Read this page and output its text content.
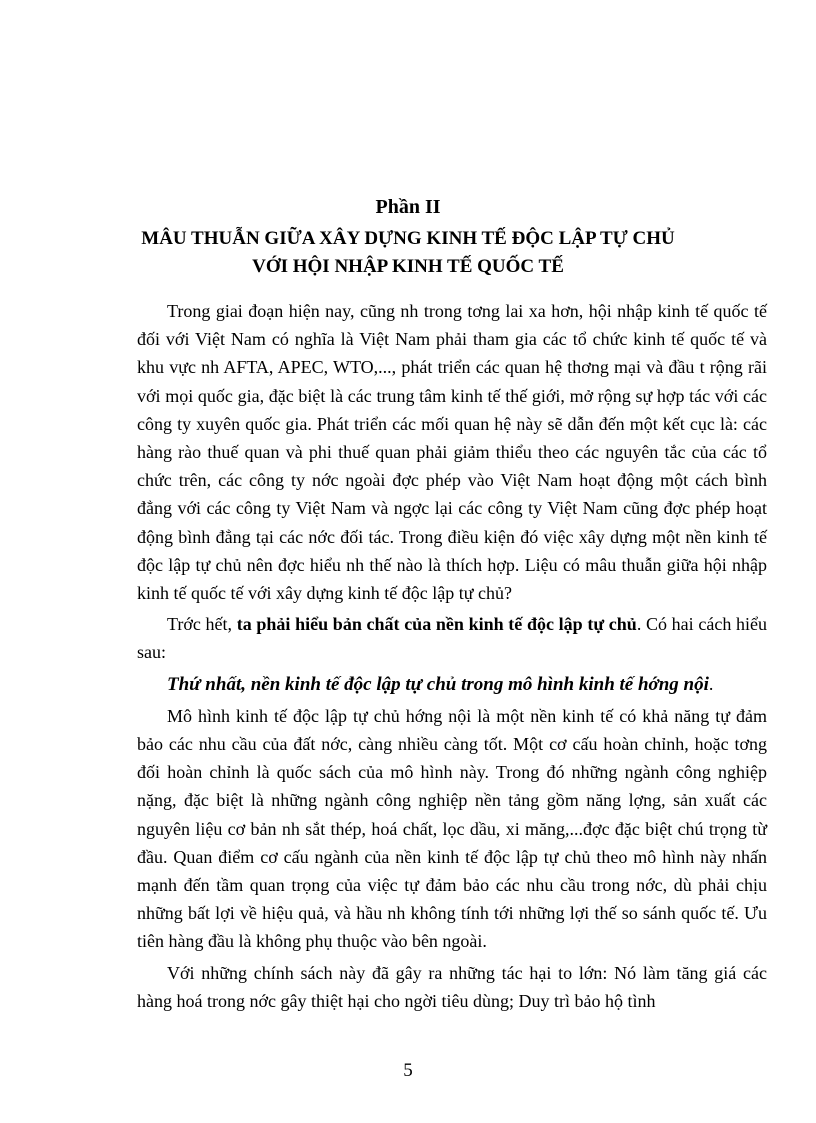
Phần II
MÂU THUẪN GIỮA XÂY DỰNG KINH TẾ ĐỘC LẬP TỰ CHỦ
VỚI HỘI NHẬP KINH TẾ QUỐC TẾ

Trong giai đoạn hiện nay, cũng nh trong tơng lai xa hơn, hội nhập kinh tế quốc tế đối với Việt Nam có nghĩa là Việt Nam phải tham gia các tổ chức kinh tế quốc tế và khu vực nh AFTA, APEC, WTO,..., phát triển các quan hệ thơng mại và đầu t rộng rãi với mọi quốc gia, đặc biệt là các trung tâm kinh tế thế giới, mở rộng sự hợp tác với các công ty xuyên quốc gia. Phát triển các mối quan hệ này sẽ dẫn đến một kết cục là: các hàng rào thuế quan và phi thuế quan phải giảm thiểu theo các nguyên tắc của các tổ chức trên, các công ty nớc ngoài đợc phép vào Việt Nam hoạt động một cách bình đẳng với các công ty Việt Nam và ngợc lại các công ty Việt Nam cũng đợc phép hoạt động bình đẳng tại các nớc đối tác. Trong điều kiện đó việc xây dựng một nền kinh tế độc lập tự chủ nên đợc hiểu nh thế nào là thích hợp. Liệu có mâu thuẫn giữa hội nhập kinh tế quốc tế với xây dựng kinh tế độc lập tự chủ?

Trớc hết, ta phải hiểu bản chất của nền kinh tế độc lập tự chủ. Có hai cách hiểu sau:

Thứ nhất, nền kinh tế độc lập tự chủ trong mô hình kinh tế hớng nội.

Mô hình kinh tế độc lập tự chủ hớng nội là một nền kinh tế có khả năng tự đảm bảo các nhu cầu của đất nớc, càng nhiều càng tốt. Một cơ cấu hoàn chỉnh, hoặc tơng đối hoàn chỉnh là quốc sách của mô hình này. Trong đó những ngành công nghiệp nặng, đặc biệt là những ngành công nghiệp nền tảng gồm năng lợng, sản xuất các nguyên liệu cơ bản nh sắt thép, hoá chất, lọc dầu, xi măng,...đợc đặc biệt chú trọng từ đầu. Quan điểm cơ cấu ngành của nền kinh tế độc lập tự chủ theo mô hình này nhấn mạnh đến tầm quan trọng của việc tự đảm bảo các nhu cầu trong nớc, dù phải chịu những bất lợi về hiệu quả, và hầu nh không tính tới những lợi thế so sánh quốc tế. Ưu tiên hàng đầu là không phụ thuộc vào bên ngoài.

Với những chính sách này đã gây ra những tác hại to lớn: Nó làm tăng giá các hàng hoá trong nớc gây thiệt hại cho ngời tiêu dùng; Duy trì bảo hộ tình

5
